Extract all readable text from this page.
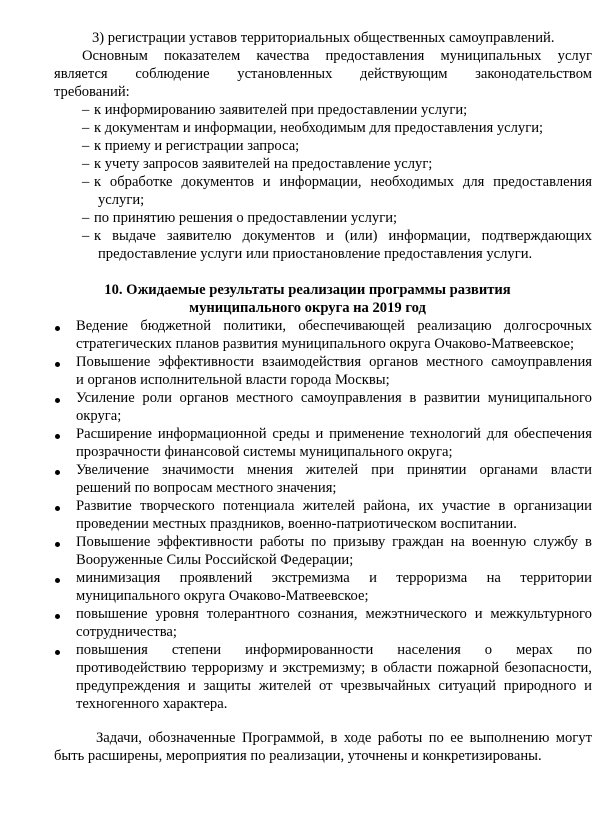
3) регистрации уставов территориальных общественных самоуправлений.
Основным показателем качества предоставления муниципальных услуг
является соблюдение установленных действующим законодательством
требований:
– к информированию заявителей при предоставлении услуги;
– к документам и информации, необходимым для предоставления услуги;
– к приему и регистрации запроса;
– к учету запросов заявителей на предоставление услуг;
– к обработке документов и информации, необходимых для предоставления
услуги;
– по принятию решения о предоставлении услуги;
– к выдаче заявителю документов и (или) информации, подтверждающих
предоставление услуги или приостановление предоставления услуги.
10. Ожидаемые результаты реализации программы развития
муниципального округа на 2019 год
Ведение бюджетной политики, обеспечивающей реализацию долгосрочных
стратегических планов развития муниципального округа Очаково-Матвеевское;
Повышение эффективности взаимодействия органов местного самоуправления
и органов исполнительной власти города Москвы;
Усиление роли органов местного самоуправления в развитии муниципального
округа;
Расширение информационной среды и применение технологий для обеспечения
прозрачности финансовой системы муниципального округа;
Увеличение значимости мнения жителей при принятии органами власти
решений по вопросам местного значения;
Развитие творческого потенциала жителей района, их участие в организации
проведении местных праздников, военно-патриотическом воспитании.
Повышение эффективности работы по призыву граждан на военную службу в
Вооруженные Силы Российской Федерации;
минимизация проявлений экстремизма и терроризма на территории
муниципального округа Очаково-Матвеевское;
повышение уровня толерантного сознания, межэтнического и межкультурного
сотрудничества;
повышения степени информированности населения о мерах по
противодействию терроризму и экстремизму; в области пожарной безопасности,
предупреждения и защиты жителей от чрезвычайных ситуаций природного и
техногенного характера.
Задачи, обозначенные Программой, в ходе работы по ее выполнению могут
быть расширены, мероприятия по реализации, уточнены и конкретизированы.
